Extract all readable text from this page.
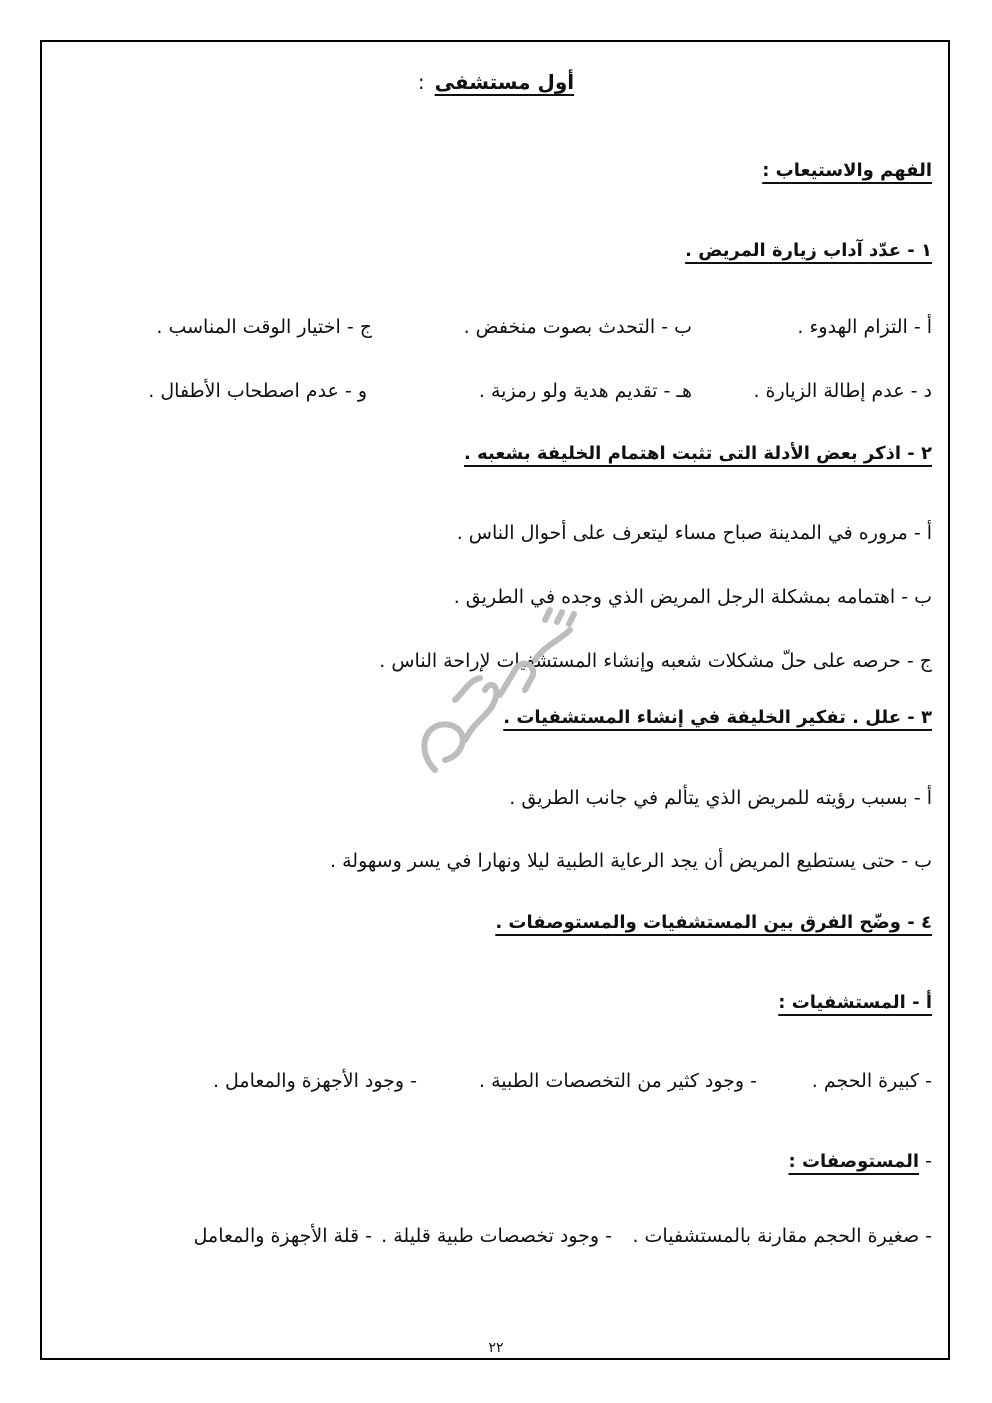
أول مستشفى:
الفهم والاستيعاب :
١ - عدّد آداب زيارة المريض .
أ - التزام الهدوء .
ب - التحدث بصوت منخفض .
ج - اختيار الوقت المناسب .
د - عدم إطالة الزيارة .
هـ - تقديم هدية ولو رمزية .
و - عدم اصطحاب الأطفال .
٢ - اذكر بعض الأدلة التى تثبت اهتمام الخليفة بشعبه .
أ - مروره في المدينة صباح مساء ليتعرف على أحوال الناس .
ب - اهتمامه بمشكلة الرجل المريض الذي وجده في الطريق .
ج - حرصه على حلّ مشكلات شعبه وإنشاء المستشفيات لإراحة الناس .
٣ - علل . تفكير الخليفة في إنشاء المستشفيات .
أ - بسبب رؤيته للمريض الذي يتألم في جانب الطريق .
ب - حتى يستطيع المريض أن يجد الرعاية الطبية ليلا ونهارا في يسر وسهولة .
٤ - وضّح الفرق بين المستشفيات والمستوصفات .
أ - المستشفيات :
- كبيرة الحجم .
- وجود كثير من التخصصات الطبية .
- وجود الأجهزة والمعامل .
- المستوصفات :
- صغيرة الحجم مقارنة بالمستشفيات .
- وجود تخصصات طبية قليلة .
- قلة الأجهزة والمعامل
٢٢
